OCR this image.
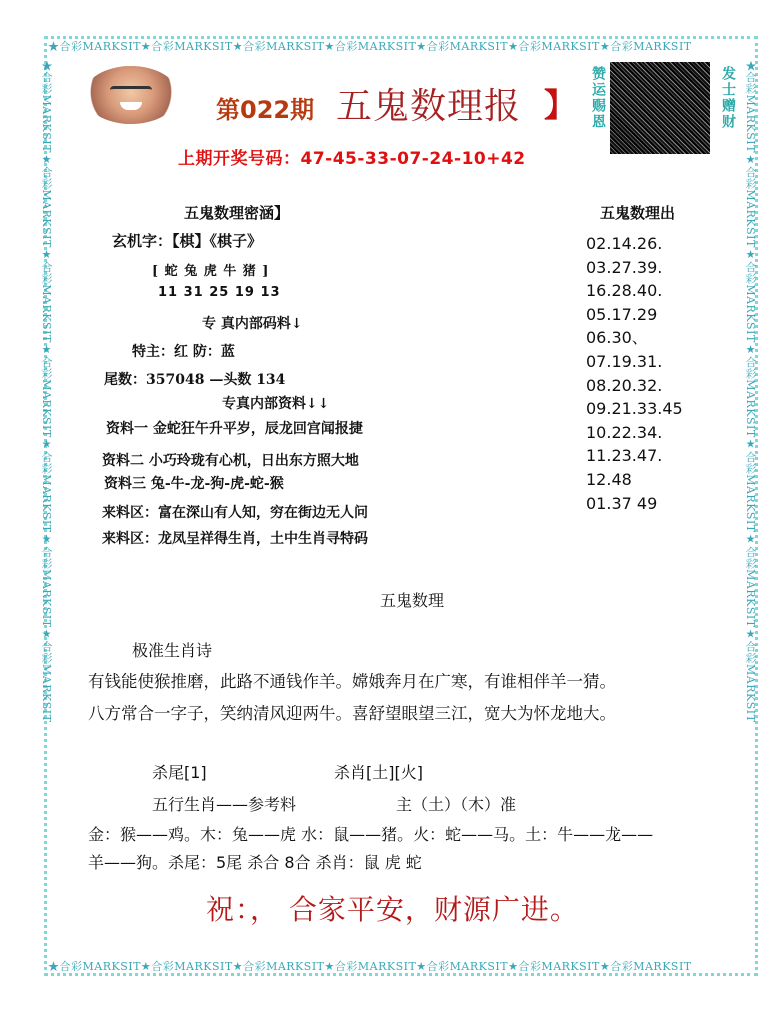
★合彩MARKSIT★合彩MARKSIT★合彩MARKSIT★合彩MARKSIT★合彩MARKSIT★合彩MARKSIT★合彩MARKSIT
★合彩MARKSIT★合彩MARKSIT★合彩MARKSIT★合彩MARKSIT★合彩MARKSIT★合彩MARKSIT★合彩MARKSIT
★合彩MARKSIT★合彩MARKSIT★合彩MARKSIT★合彩MARKSIT★合彩MARKSIT★合彩MARKSIT★合彩MARKSIT	★合彩MARKSIT★合彩MARKSIT★合彩MARKSIT★合彩MARKSIT★合彩MARKSIT★合彩MARKSIT★合彩MARKSIT
第022期 五鬼数理报 】 赞运赐恩	发士赠财
上期开奖号码：47-45-33-07-24-10+42
五鬼数理密涵】
玄机字：【棋】《棋子》
[ 蛇 兔 虎 牛 猪 ]
11 31 25 19 13
专 真内部码料↓
特主：红 防：蓝
尾数：357048 —头数 134
专真内部资料↓↓
资料一 金蛇狂午升平岁，辰龙回宫闻报捷
资料二 小巧玲珑有心机，日出东方照大地
资料三 兔-牛-龙-狗-虎-蛇-猴
来料区：富在深山有人知，穷在街边无人问
来料区：龙凤呈祥得生肖，土中生肖寻特码
五鬼数理出
02.14.26.
03.27.39.
16.28.40.
05.17.29
06.30、
07.19.31.
08.20.32.
09.21.33.45
10.22.34.
11.23.47.
12.48
01.37 49
五鬼数理
极准生肖诗
有钱能使猴推磨，此路不通钱作羊。嫦娥奔月在广寒，有谁相伴羊一猜。
八方常合一字子，笑纳清风迎两牛。喜舒望眼望三江，宽大为怀龙地大。
杀尾[1]	杀肖[土][火]
五行生肖——参考料	主（土）（木）准
金：猴——鸡。木：兔——虎 水：鼠——猪。火：蛇——马。土：牛——龙——
羊——狗。杀尾：5尾 杀合 8合 杀肖：鼠 虎 蛇
祝：， 合家平安，财源广进。
